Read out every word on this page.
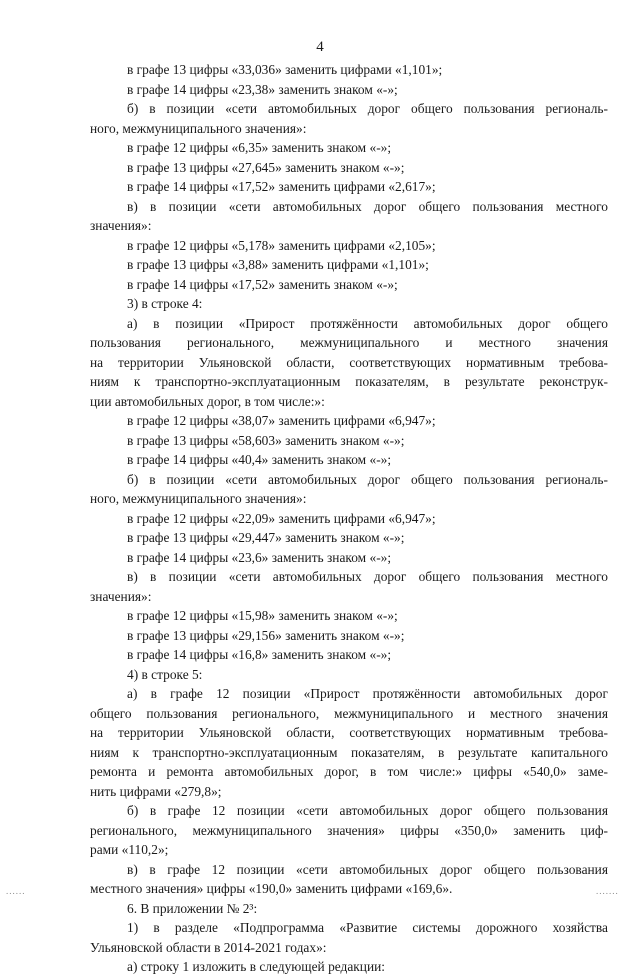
4
в графе 13 цифры «33,036» заменить цифрами «1,101»;
в графе 14 цифры «23,38» заменить знаком «-»;
б) в позиции «сети автомобильных дорог общего пользования региональ-
ного, межмуниципального значения»:
в графе 12 цифры «6,35» заменить знаком «-»;
в графе 13 цифры «27,645» заменить знаком «-»;
в графе 14 цифры «17,52» заменить цифрами «2,617»;
в) в позиции «сети автомобильных дорог общего пользования местного
значения»:
в графе 12 цифры «5,178» заменить цифрами «2,105»;
в графе 13 цифры «3,88» заменить цифрами «1,101»;
в графе 14 цифры «17,52» заменить знаком «-»;
3) в строке 4:
а) в позиции «Прирост протяжённости автомобильных дорог общего
пользования регионального, межмуниципального и местного значения
на территории Ульяновской области, соответствующих нормативным требова-
ниям к транспортно-эксплуатационным показателям, в результате реконструк-
ции автомобильных дорог, в том числе:»:
в графе 12 цифры «38,07» заменить цифрами «6,947»;
в графе 13 цифры «58,603» заменить знаком «-»;
в графе 14 цифры «40,4» заменить знаком «-»;
б) в позиции «сети автомобильных дорог общего пользования региональ-
ного, межмуниципального значения»:
в графе 12 цифры «22,09» заменить цифрами «6,947»;
в графе 13 цифры «29,447» заменить знаком «-»;
в графе 14 цифры «23,6» заменить знаком «-»;
в) в позиции «сети автомобильных дорог общего пользования местного
значения»:
в графе 12 цифры «15,98» заменить знаком «-»;
в графе 13 цифры «29,156» заменить знаком «-»;
в графе 14 цифры «16,8» заменить знаком «-»;
4) в строке 5:
а) в графе 12 позиции «Прирост протяжённости автомобильных дорог
общего пользования регионального, межмуниципального и местного значения
на территории Ульяновской области, соответствующих нормативным требова-
ниям к транспортно-эксплуатационным показателям, в результате капитального
ремонта и ремонта автомобильных дорог, в том числе:» цифры «540,0» заме-
нить цифрами «279,8»;
б) в графе 12 позиции «сети автомобильных дорог общего пользования
регионального, межмуниципального значения» цифры «350,0» заменить циф-
рами «110,2»;
в) в графе 12 позиции «сети автомобильных дорог общего пользования
местного значения» цифры «190,0» заменить цифрами «169,6».
6. В приложении № 2³:
1) в разделе «Подпрограмма «Развитие системы дорожного хозяйства
Ульяновской области в 2014-2021 годах»:
а) строку 1 изложить в следующей редакции:
......	.......
